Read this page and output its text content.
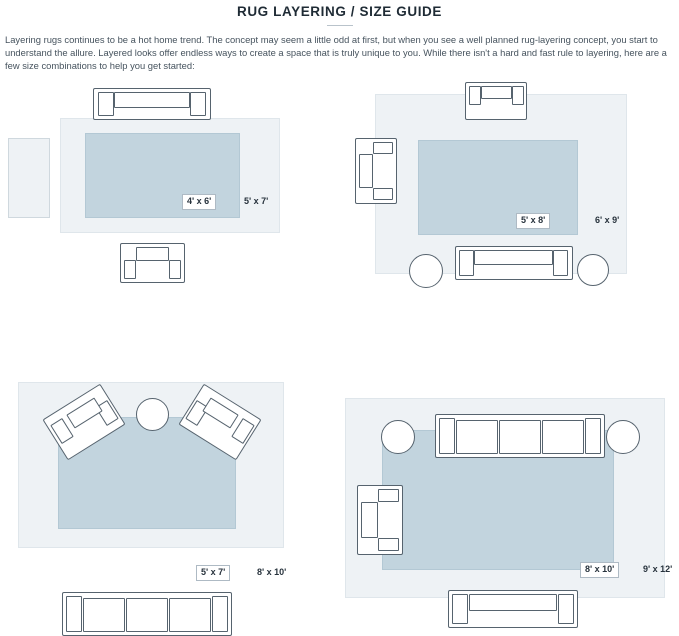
RUG LAYERING / SIZE GUIDE
Layering rugs continues to be a hot home trend. The concept may seem a little odd at first, but when you see a well planned rug-layering concept, you start to understand the allure. Layered looks offer endless ways to create a space that is truly unique to you. While there isn't a hard and fast rule to layering, here are a few size combinations to help you get started:
4' x 6'	5' x 7'
5' x 8'	6' x 9'
5' x 7'	8' x 10'	8' x 10'	9' x 12'
